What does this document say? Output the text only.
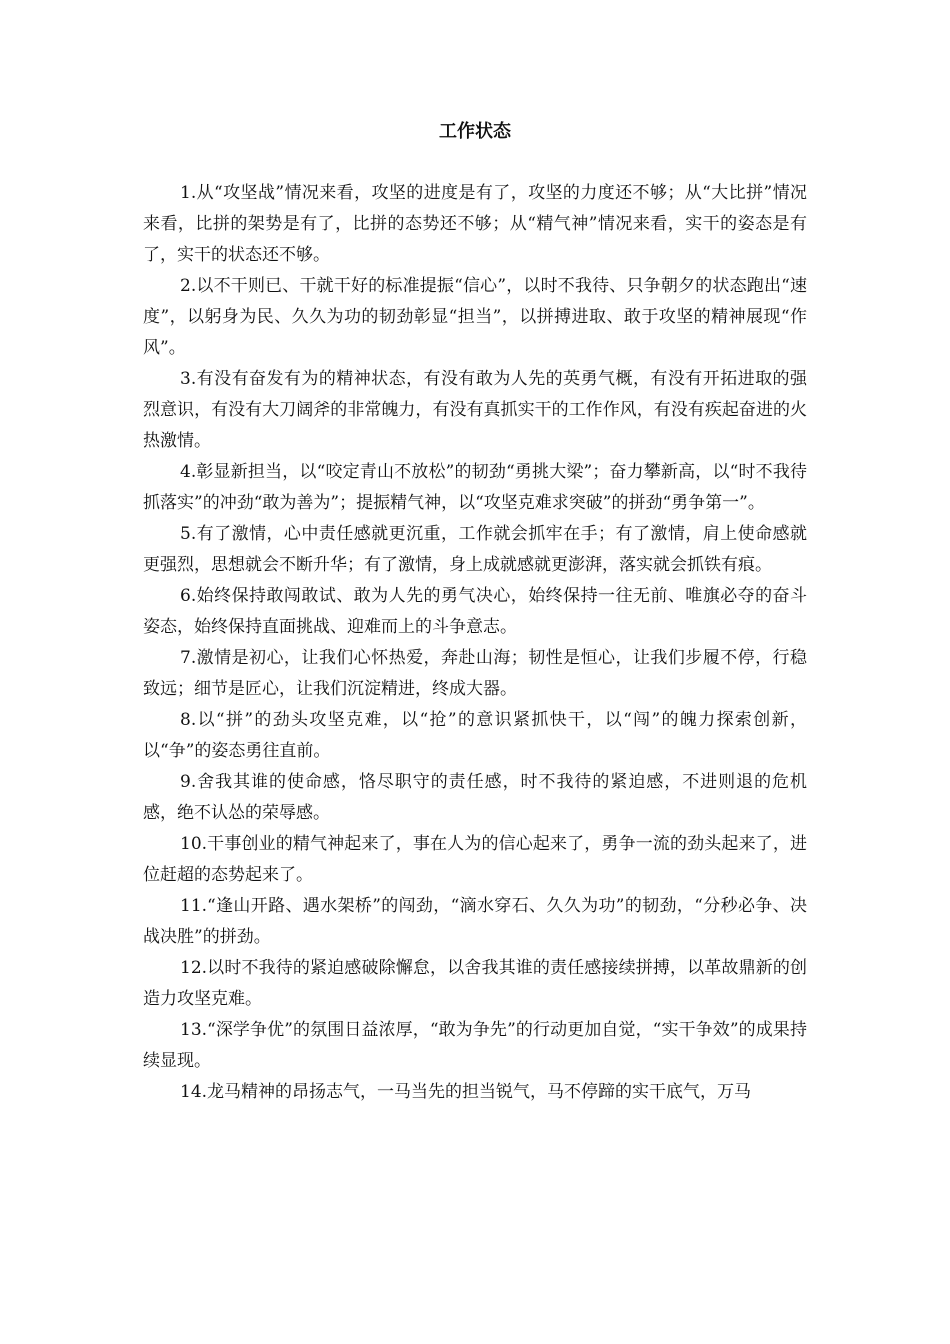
工作状态

1.从“攻坚战”情况来看，攻坚的进度是有了，攻坚的力度还不够；从“大比拼”情况来看，比拼的架势是有了，比拼的态势还不够；从“精气神”情况来看，实干的姿态是有了，实干的状态还不够。

2.以不干则已、干就干好的标准提振“信心”，以时不我待、只争朝夕的状态跑出“速度”，以躬身为民、久久为功的韧劲彰显“担当”，以拼搏进取、敢于攻坚的精神展现“作风”。

3.有没有奋发有为的精神状态，有没有敢为人先的英勇气概，有没有开拓进取的强烈意识，有没有大刀阔斧的非常魄力，有没有真抓实干的工作作风，有没有疾起奋进的火热激情。

4.彰显新担当，以“咬定青山不放松”的韧劲“勇挑大梁”；奋力攀新高，以“时不我待抓落实”的冲劲“敢为善为”；提振精气神，以“攻坚克难求突破”的拼劲“勇争第一”。

5.有了激情，心中责任感就更沉重，工作就会抓牢在手；有了激情，肩上使命感就更强烈，思想就会不断升华；有了激情，身上成就感就更澎湃，落实就会抓铁有痕。

6.始终保持敢闯敢试、敢为人先的勇气决心，始终保持一往无前、唯旗必夺的奋斗姿态，始终保持直面挑战、迎难而上的斗争意志。

7.激情是初心，让我们心怀热爱，奔赴山海；韧性是恒心，让我们步履不停，行稳致远；细节是匠心，让我们沉淀精进，终成大器。

8.以“拼”的劲头攻坚克难，以“抢”的意识紧抓快干，以“闯”的魄力探索创新，以“争”的姿态勇往直前。

9.舍我其谁的使命感，恪尽职守的责任感，时不我待的紧迫感，不进则退的危机感，绝不认怂的荣辱感。

10.干事创业的精气神起来了，事在人为的信心起来了，勇争一流的劲头起来了，进位赶超的态势起来了。

11.“逢山开路、遇水架桥”的闯劲，“滴水穿石、久久为功”的韧劲，“分秒必争、决战决胜”的拼劲。

12.以时不我待的紧迫感破除懈怠，以舍我其谁的责任感接续拼搏，以革故鼎新的创造力攻坚克难。

13.“深学争优”的氛围日益浓厚，“敢为争先”的行动更加自觉，“实干争效”的成果持续显现。

14.龙马精神的昂扬志气，一马当先的担当锐气，马不停蹄的实干底气，万马
